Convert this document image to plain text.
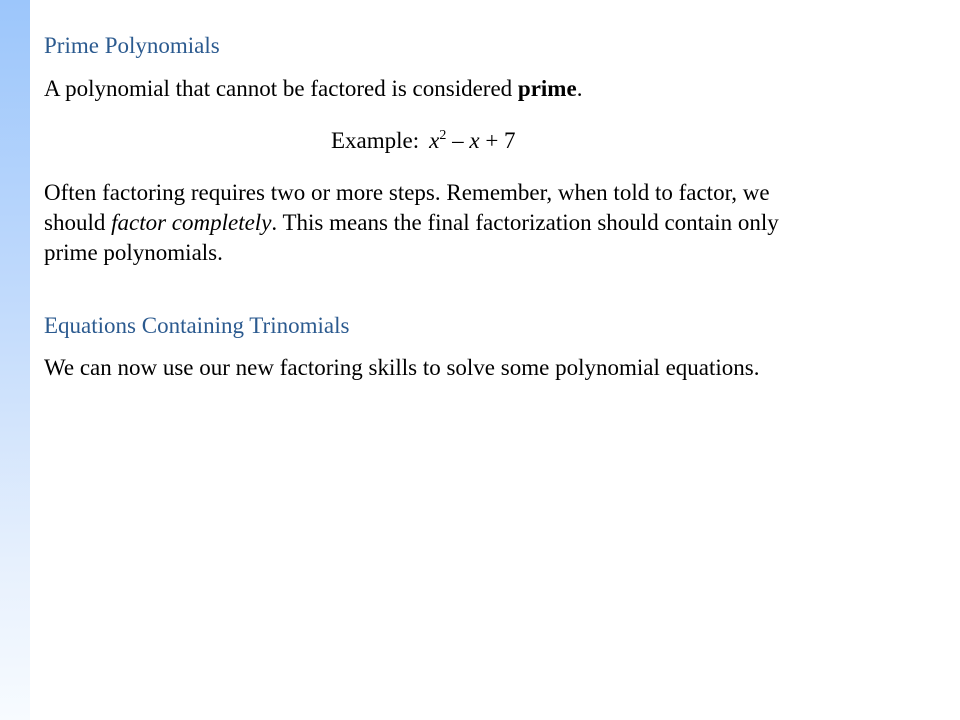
Prime Polynomials
A polynomial that cannot be factored is considered prime.
Example: $x^2 - x + 7$
Often factoring requires two or more steps. Remember, when told to factor, we
should factor completely. This means the final factorization should contain only
prime polynomials.
Equations Containing Trinomials
We can now use our new factoring skills to solve some polynomial equations.
